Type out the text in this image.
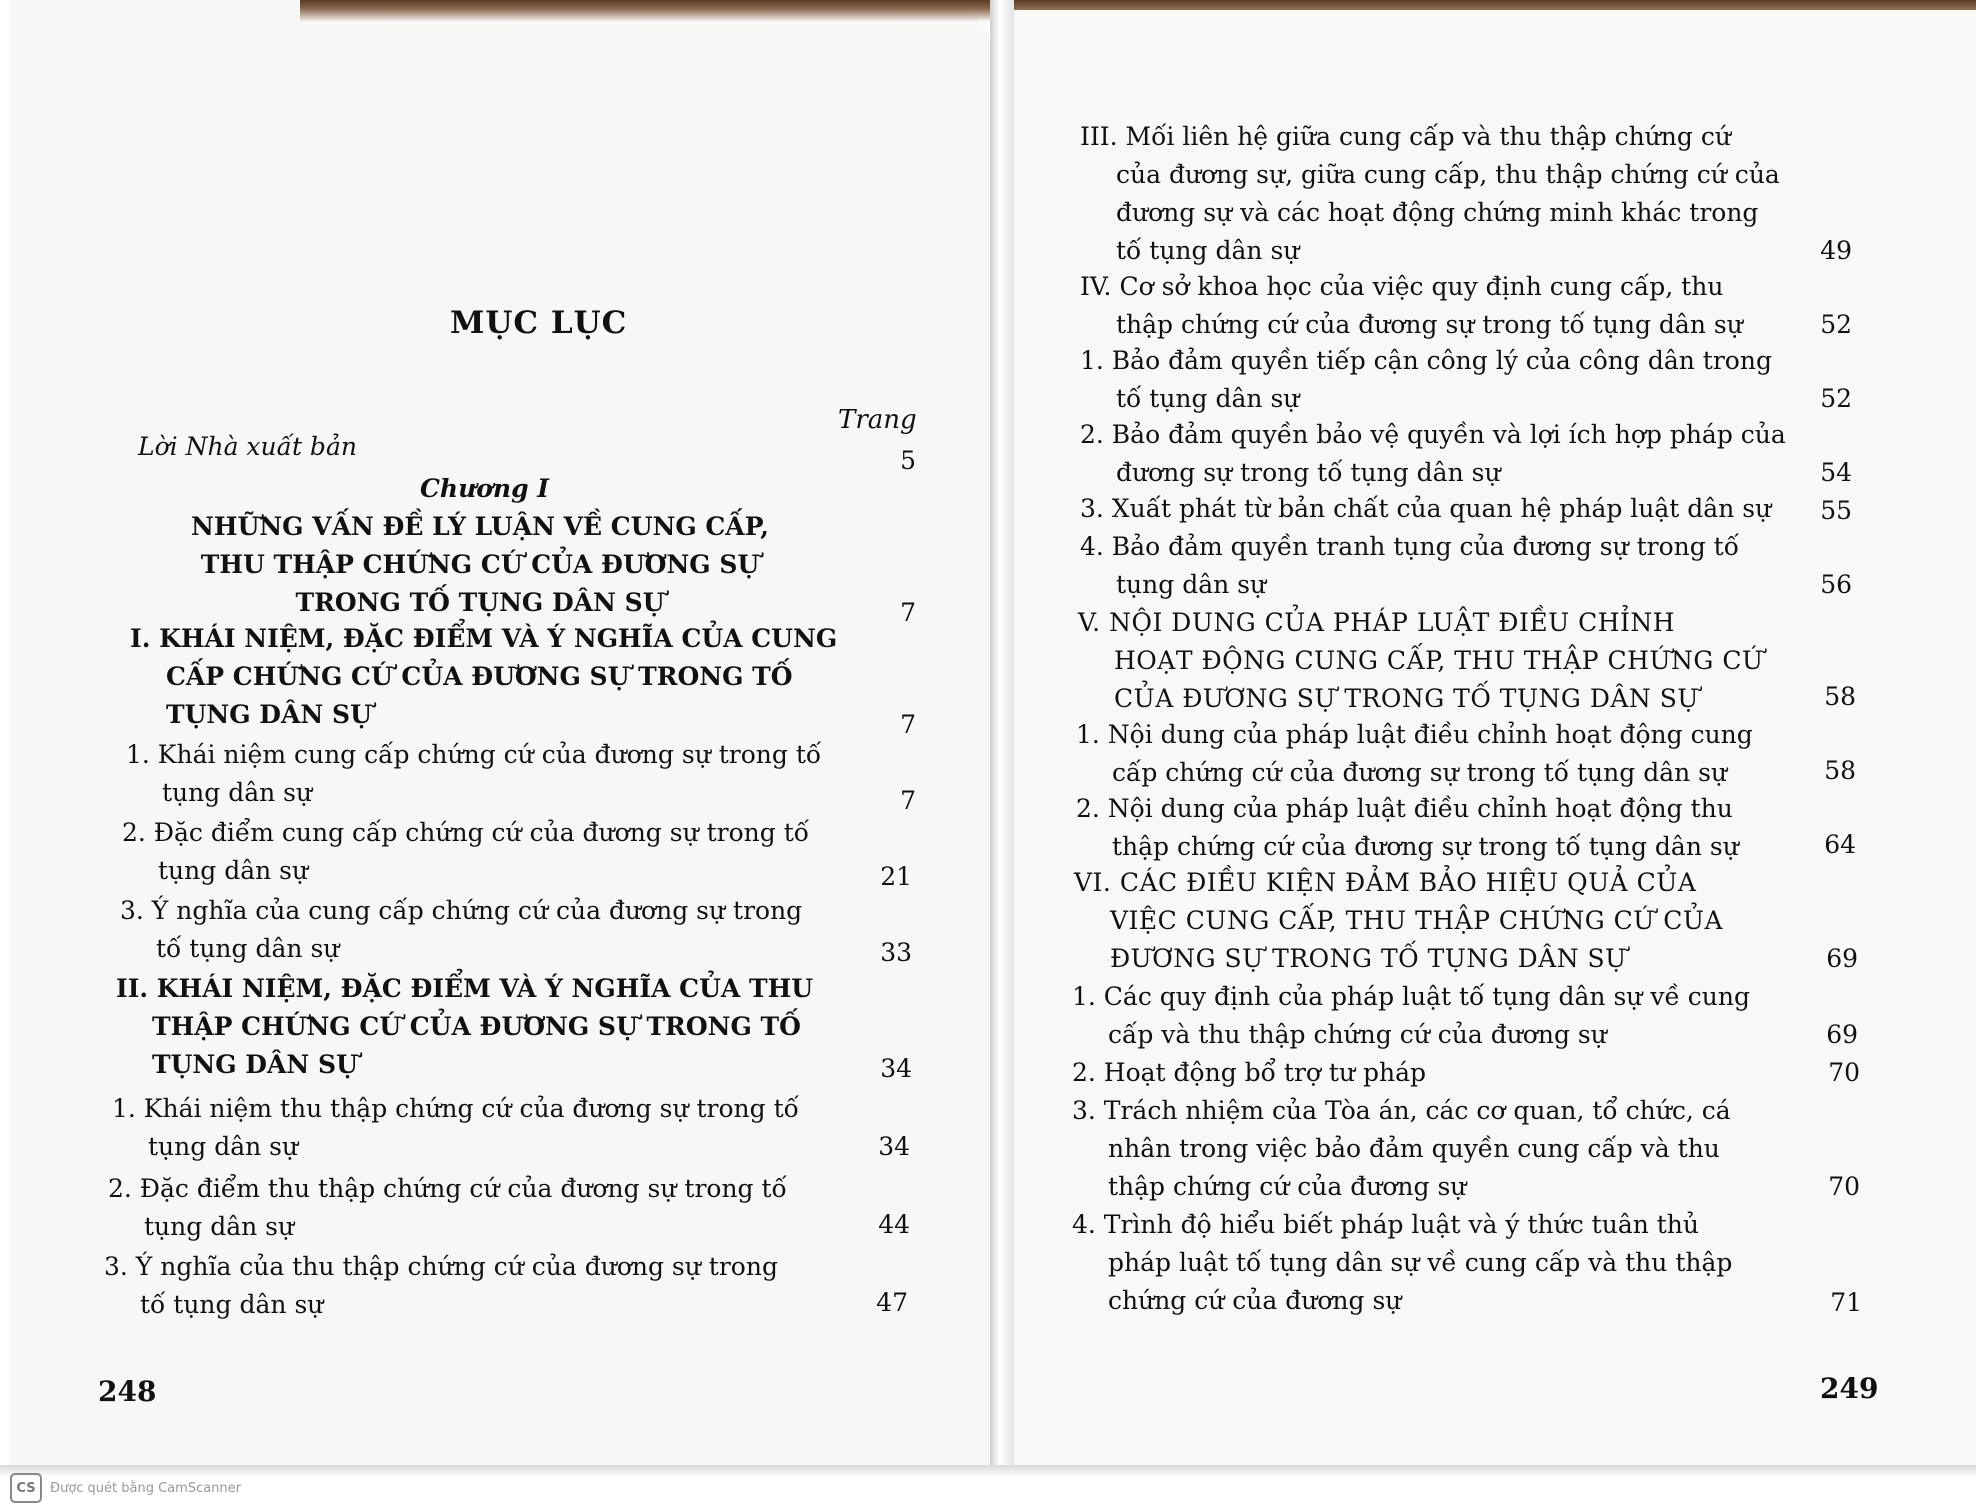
MỤC LỤC
Trang
Lời Nhà xuất bản	5
Chương I
NHỮNG VẤN ĐỀ LÝ LUẬN VỀ CUNG CẤP,
THU THẬP CHỨNG CỨ CỦA ĐƯƠNG SỰ
TRONG TỐ TỤNG DÂN SỰ	7
I. KHÁI NIỆM, ĐẶC ĐIỂM VÀ Ý NGHĨA CỦA CUNG
CẤP CHỨNG CỨ CỦA ĐƯƠNG SỰ TRONG TỐ
TỤNG DÂN SỰ	7
1. Khái niệm cung cấp chứng cứ của đương sự trong tố
tụng dân sự	7
2. Đặc điểm cung cấp chứng cứ của đương sự trong tố
tụng dân sự	21
3. Ý nghĩa của cung cấp chứng cứ của đương sự trong
tố tụng dân sự	33
II. KHÁI NIỆM, ĐẶC ĐIỂM VÀ Ý NGHĨA CỦA THU
THẬP CHỨNG CỨ CỦA ĐƯƠNG SỰ TRONG TỐ
TỤNG DÂN SỰ	34
1. Khái niệm thu thập chứng cứ của đương sự trong tố
tụng dân sự	34
2. Đặc điểm thu thập chứng cứ của đương sự trong tố
tụng dân sự	44
3. Ý nghĩa của thu thập chứng cứ của đương sự trong
tố tụng dân sự	47
248
III. Mối liên hệ giữa cung cấp và thu thập chứng cứ
của đương sự, giữa cung cấp, thu thập chứng cứ của
đương sự và các hoạt động chứng minh khác trong
tố tụng dân sự	49
IV. Cơ sở khoa học của việc quy định cung cấp, thu
thập chứng cứ của đương sự trong tố tụng dân sự	52
1. Bảo đảm quyền tiếp cận công lý của công dân trong
tố tụng dân sự	52
2. Bảo đảm quyền bảo vệ quyền và lợi ích hợp pháp của
đương sự trong tố tụng dân sự	54
3. Xuất phát từ bản chất của quan hệ pháp luật dân sự	55
4. Bảo đảm quyền tranh tụng của đương sự trong tố
tụng dân sự	56
V. NỘI DUNG CỦA PHÁP LUẬT ĐIỀU CHỈNH
HOẠT ĐỘNG CUNG CẤP, THU THẬP CHỨNG CỨ
CỦA ĐƯƠNG SỰ TRONG TỐ TỤNG DÂN SỰ	58
1. Nội dung của pháp luật điều chỉnh hoạt động cung
cấp chứng cứ của đương sự trong tố tụng dân sự	58
2. Nội dung của pháp luật điều chỉnh hoạt động thu
thập chứng cứ của đương sự trong tố tụng dân sự	64
VI. CÁC ĐIỀU KIỆN ĐẢM BẢO HIỆU QUẢ CỦA
VIỆC CUNG CẤP, THU THẬP CHỨNG CỨ CỦA
ĐƯƠNG SỰ TRONG TỐ TỤNG DÂN SỰ	69
1. Các quy định của pháp luật tố tụng dân sự về cung
cấp và thu thập chứng cứ của đương sự	69
2. Hoạt động bổ trợ tư pháp	70
3. Trách nhiệm của Tòa án, các cơ quan, tổ chức, cá
nhân trong việc bảo đảm quyền cung cấp và thu
thập chứng cứ của đương sự	70
4. Trình độ hiểu biết pháp luật và ý thức tuân thủ
pháp luật tố tụng dân sự về cung cấp và thu thập
chứng cứ của đương sự	71
249
CS	Được quét bằng CamScanner
